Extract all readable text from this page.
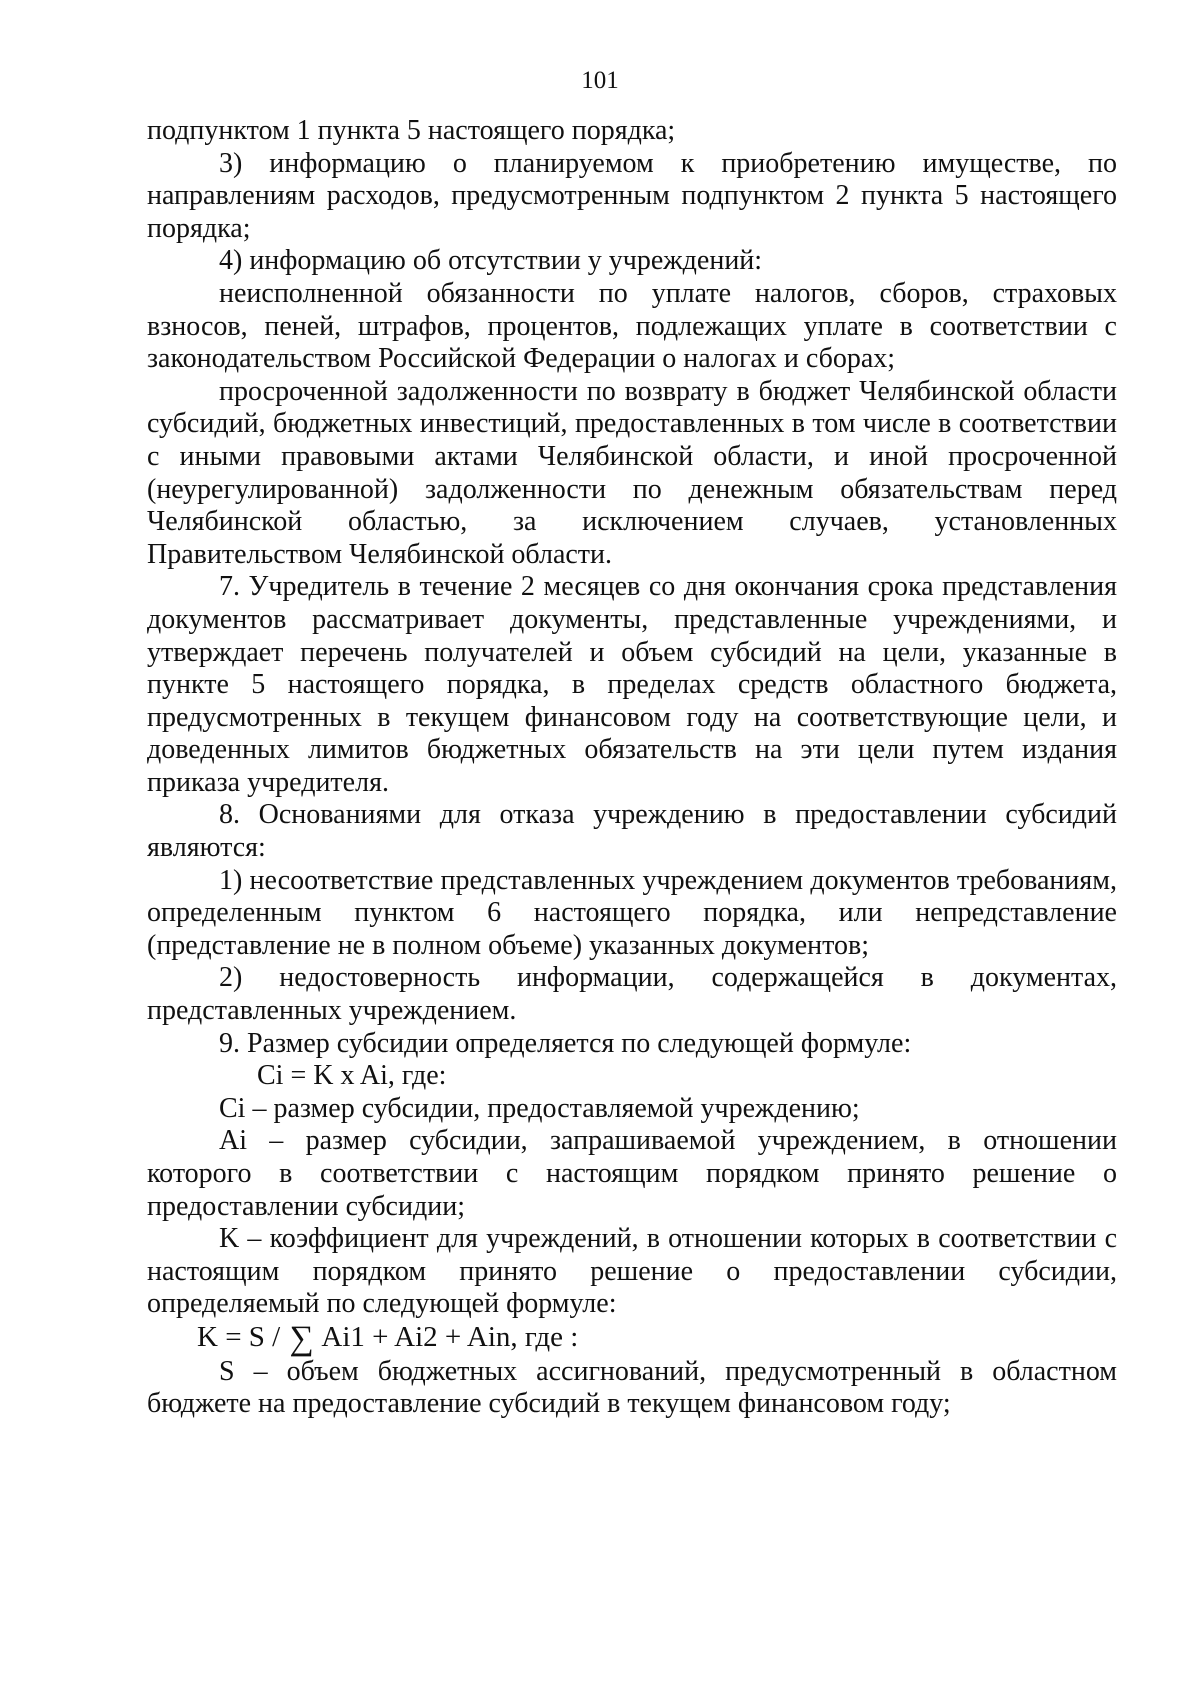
101

подпунктом 1 пункта 5 настоящего порядка;

3) информацию о планируемом к приобретению имуществе, по направлениям расходов, предусмотренным подпунктом 2 пункта 5 настоящего порядка;

4) информацию об отсутствии у учреждений:

неисполненной обязанности по уплате налогов, сборов, страховых взносов, пеней, штрафов, процентов, подлежащих уплате в соответствии с законодательством Российской Федерации о налогах и сборах;

просроченной задолженности по возврату в бюджет Челябинской области субсидий, бюджетных инвестиций, предоставленных в том числе в соответствии с иными правовыми актами Челябинской области, и иной просроченной (неурегулированной) задолженности по денежным обязательствам перед Челябинской областью, за исключением случаев, установленных Правительством Челябинской области.

7. Учредитель в течение 2 месяцев со дня окончания срока представления документов рассматривает документы, представленные учреждениями, и утверждает перечень получателей и объем субсидий на цели, указанные в пункте 5 настоящего порядка, в пределах средств областного бюджета, предусмотренных в текущем финансовом году на соответствующие цели, и доведенных лимитов бюджетных обязательств на эти цели путем издания приказа учредителя.

8. Основаниями для отказа учреждению в предоставлении субсидий являются:

1) несоответствие представленных учреждением документов требованиям, определенным пунктом 6 настоящего порядка, или непредставление (представление не в полном объеме) указанных документов;

2) недостоверность информации, содержащейся в документах, представленных учреждением.

9. Размер субсидии определяется по следующей формуле:

Ci = K x Ai, где:

Ci – размер субсидии, предоставляемой учреждению;

Ai – размер субсидии, запрашиваемой учреждением, в отношении которого в соответствии с настоящим порядком принято решение о предоставлении субсидии;

K – коэффициент для учреждений, в отношении которых в соответствии с настоящим порядком принято решение о предоставлении субсидии, определяемый по следующей формуле:

K = S / ∑ Ai1 + Ai2 + Ain, где :

S – объем бюджетных ассигнований, предусмотренный в областном бюджете на предоставление субсидий в текущем финансовом году;
